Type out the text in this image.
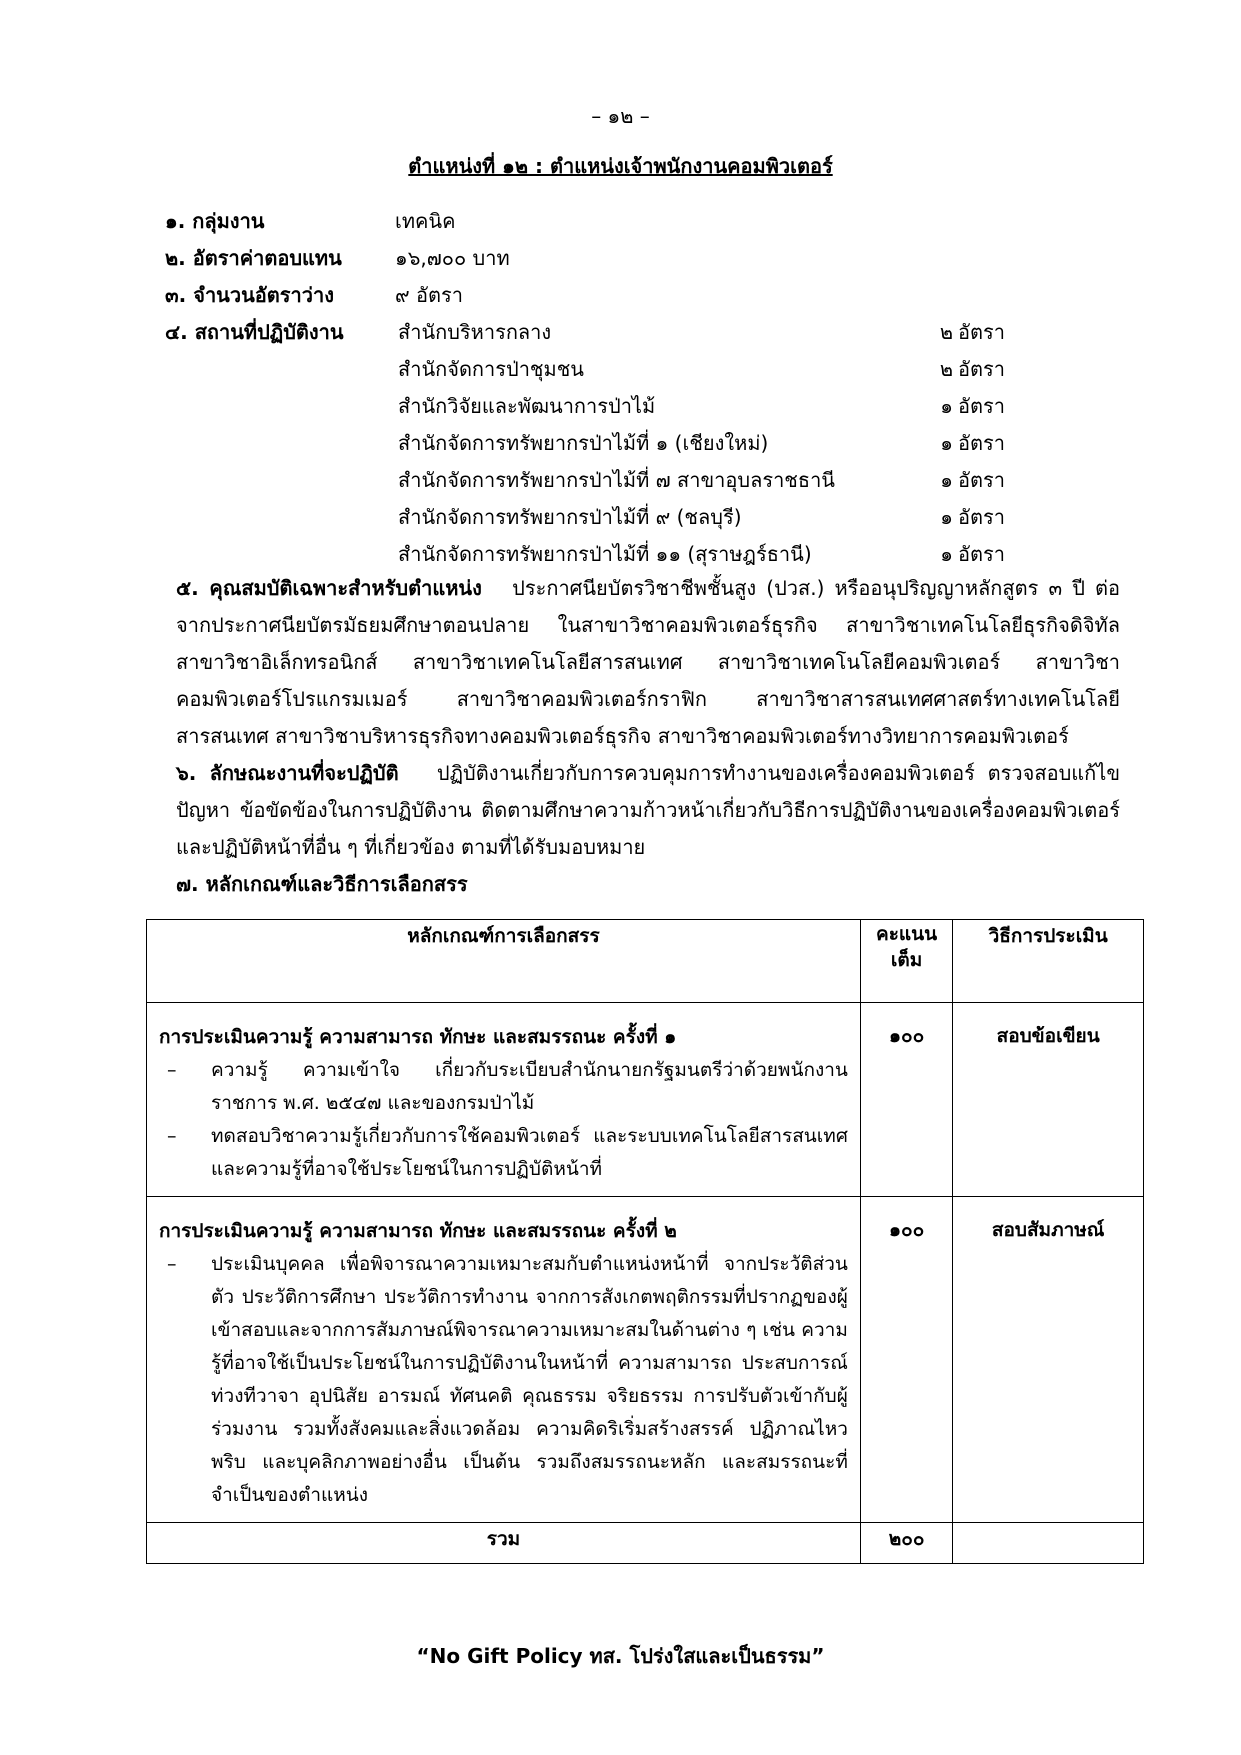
– ๑๒ –
ตำแหน่งที่ ๑๒ : ตำแหน่งเจ้าพนักงานคอมพิวเตอร์
๑. กลุ่มงาน	เทคนิค
๒. อัตราค่าตอบแทน	๑๖,๗๐๐ บาท
๓. จำนวนอัตราว่าง	๙ อัตรา
๔. สถานที่ปฏิบัติงาน	สำนักบริหารกลาง	๒ อัตรา
สำนักจัดการป่าชุมชน	๒ อัตรา
สำนักวิจัยและพัฒนาการป่าไม้	๑ อัตรา
สำนักจัดการทรัพยากรป่าไม้ที่ ๑ (เชียงใหม่)	๑ อัตรา
สำนักจัดการทรัพยากรป่าไม้ที่ ๗ สาขาอุบลราชธานี	๑ อัตรา
สำนักจัดการทรัพยากรป่าไม้ที่ ๙ (ชลบุรี)	๑ อัตรา
สำนักจัดการทรัพยากรป่าไม้ที่ ๑๑ (สุราษฎร์ธานี)	๑ อัตรา
๕. คุณสมบัติเฉพาะสำหรับตำแหน่ง ประกาศนียบัตรวิชาชีพชั้นสูง (ปวส.) หรืออนุปริญญาหลักสูตร ๓ ปี ต่อจากประกาศนียบัตรมัธยมศึกษาตอนปลาย ในสาขาวิชาคอมพิวเตอร์ธุรกิจ สาขาวิชาเทคโนโลยีธุรกิจดิจิทัล สาขาวิชาอิเล็กทรอนิกส์ สาขาวิชาเทคโนโลยีสารสนเทศ สาขาวิชาเทคโนโลยีคอมพิวเตอร์ สาขาวิชาคอมพิวเตอร์โปรแกรมเมอร์ สาขาวิชาคอมพิวเตอร์กราฟิก สาขาวิชาสารสนเทศศาสตร์ทางเทคโนโลยีสารสนเทศ สาขาวิชาบริหารธุรกิจทางคอมพิวเตอร์ธุรกิจ สาขาวิชาคอมพิวเตอร์ทางวิทยาการคอมพิวเตอร์
๖. ลักษณะงานที่จะปฏิบัติ ปฏิบัติงานเกี่ยวกับการควบคุมการทำงานของเครื่องคอมพิวเตอร์ ตรวจสอบแก้ไขปัญหา ข้อขัดข้องในการปฏิบัติงาน ติดตามศึกษาความก้าวหน้าเกี่ยวกับวิธีการปฏิบัติงานของเครื่องคอมพิวเตอร์ และปฏิบัติหน้าที่อื่น ๆ ที่เกี่ยวข้อง ตามที่ได้รับมอบหมาย
๗. หลักเกณฑ์และวิธีการเลือกสรร
หลักเกณฑ์การเลือกสรร	คะแนนเต็ม	วิธีการประเมิน

การประเมินความรู้ ความสามารถ ทักษะ และสมรรถนะ ครั้งที่ ๑
– ความรู้ ความเข้าใจ เกี่ยวกับระเบียบสำนักนายกรัฐมนตรีว่าด้วยพนักงานราชการ พ.ศ. ๒๕๔๗ และของกรมป่าไม้
– ทดสอบวิชาความรู้เกี่ยวกับการใช้คอมพิวเตอร์ และระบบเทคโนโลยีสารสนเทศและความรู้ที่อาจใช้ประโยชน์ในการปฏิบัติหน้าที่	๑๐๐	สอบข้อเขียน

การประเมินความรู้ ความสามารถ ทักษะ และสมรรถนะ ครั้งที่ ๒
– ประเมินบุคคล เพื่อพิจารณาความเหมาะสมกับตำแหน่งหน้าที่ จากประวัติส่วนตัว ประวัติการศึกษา ประวัติการทำงาน จากการสังเกตพฤติกรรมที่ปรากฏของผู้เข้าสอบและจากการสัมภาษณ์พิจารณาความเหมาะสมในด้านต่าง ๆ เช่น ความรู้ที่อาจใช้เป็นประโยชน์ในการปฏิบัติงานในหน้าที่ ความสามารถ ประสบการณ์ ท่วงทีวาจา อุปนิสัย อารมณ์ ทัศนคติ คุณธรรม จริยธรรม การปรับตัวเข้ากับผู้ร่วมงาน รวมทั้งสังคมและสิ่งแวดล้อม ความคิดริเริ่มสร้างสรรค์ ปฏิภาณไหวพริบ และบุคลิกภาพอย่างอื่น เป็นต้น รวมถึงสมรรถนะหลัก และสมรรถนะที่จำเป็นของตำแหน่ง	๑๐๐	สอบสัมภาษณ์
รวม	๒๐๐	
“No Gift Policy ทส. โปร่งใสและเป็นธรรม”
